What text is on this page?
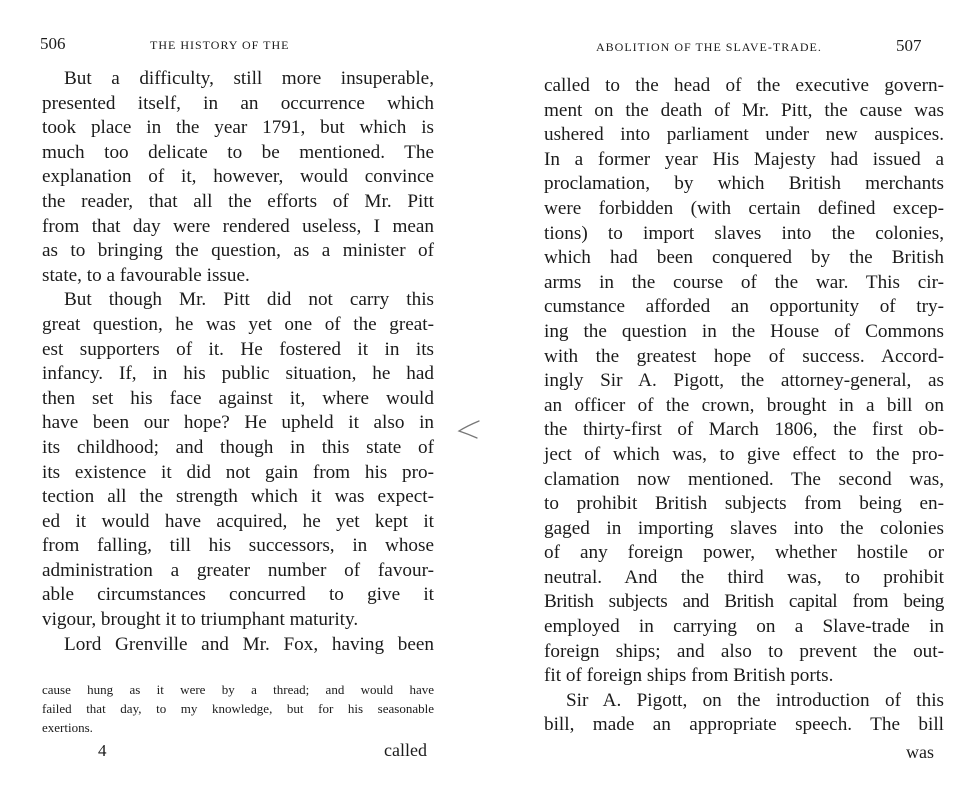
506	THE HISTORY OF THE

But a difficulty, still more insuperable,
presented itself, in an occurrence which
took place in the year 1791, but which is
much too delicate to be mentioned. The
explanation of it, however, would convince
the reader, that all the efforts of Mr. Pitt
from that day were rendered useless, I mean
as to bringing the question, as a minister of
state, to a favourable issue.

But though Mr. Pitt did not carry this
great question, he was yet one of the great-
est supporters of it. He fostered it in its
infancy. If, in his public situation, he had
then set his face against it, where would
have been our hope? He upheld it also in
its childhood; and though in this state of
its existence it did not gain from his pro-
tection all the strength which it was expect-
ed it would have acquired, he yet kept it
from falling, till his successors, in whose
administration a greater number of favour-
able circumstances concurred to give it
vigour, brought it to triumphant maturity.

Lord Grenville and Mr. Fox, having been

cause hung as it were by a thread; and would have
failed that day, to my knowledge, but for his seasonable
exertions.
4	called
ABOLITION OF THE SLAVE-TRADE.	507

called to the head of the executive govern-
ment on the death of Mr. Pitt, the cause was
ushered into parliament under new auspices.
In a former year His Majesty had issued a
proclamation, by which British merchants
were forbidden (with certain defined excep-
tions) to import slaves into the colonies,
which had been conquered by the British
arms in the course of the war. This cir-
cumstance afforded an opportunity of try-
ing the question in the House of Commons
with the greatest hope of success. Accord-
ingly Sir A. Pigott, the attorney-general, as
an officer of the crown, brought in a bill on
the thirty-first of March 1806, the first ob-
ject of which was, to give effect to the pro-
clamation now mentioned. The second was,
to prohibit British subjects from being en-
gaged in importing slaves into the colonies
of any foreign power, whether hostile or
neutral. And the third was, to prohibit
British subjects and British capital from being
employed in carrying on a Slave-trade in
foreign ships; and also to prevent the out-
fit of foreign ships from British ports.

Sir A. Pigott, on the introduction of this
bill, made an appropriate speech. The bill

was
